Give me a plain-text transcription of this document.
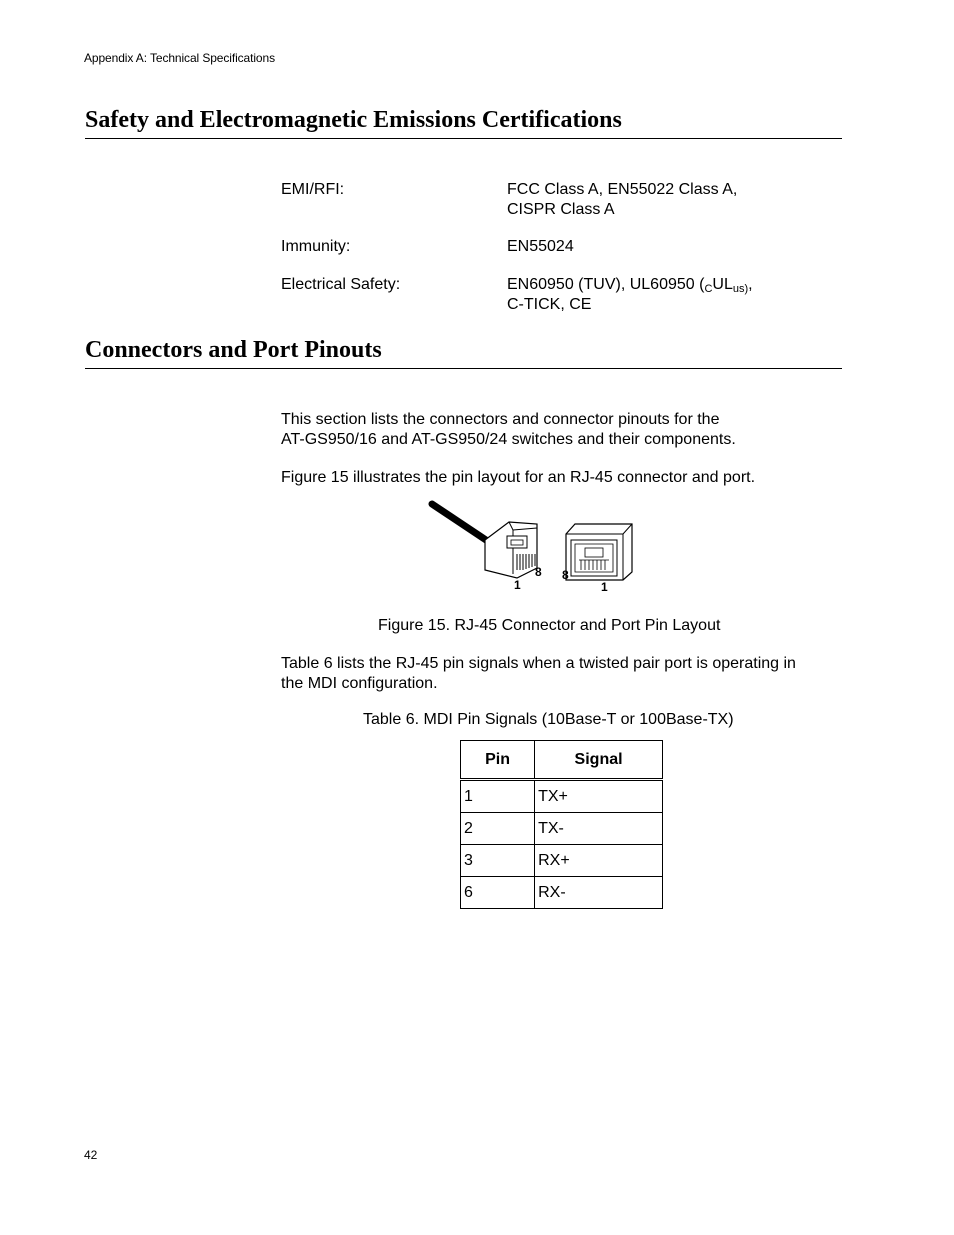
Appendix A: Technical Specifications
Safety and Electromagnetic Emissions Certifications
EMI/RFI:	FCC Class A, EN55022 Class A,
CISPR Class A
Immunity:	EN55024
Electrical Safety:	EN60950 (TUV), UL60950 ($_CUL_{us)}$,
C-TICK, CE
Connectors and Port Pinouts

This section lists the connectors and connector pinouts for the
AT-GS950/16 and AT-GS950/24 switches and their components.

Figure 15 illustrates the pin layout for an RJ-45 connector and port.

1
8 8
1
Figure 15. RJ-45 Connector and Port Pin Layout

Table 6 lists the RJ-45 pin signals when a twisted pair port is operating in
the MDI configuration.

Table 6. MDI Pin Signals (10Base-T or 100Base-TX)
Pin	Signal
1	TX+
2	TX-
3	RX+
6	RX-
42
